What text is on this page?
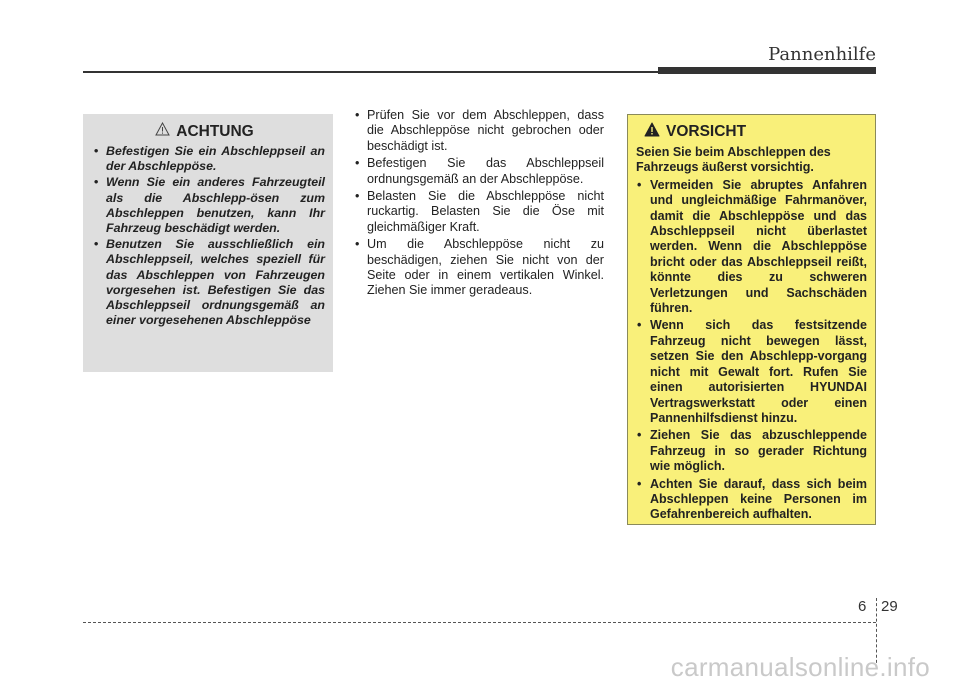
Pannenhilfe
ACHTUNG
• Befestigen Sie ein Abschleppseil an der Abschleppöse.
• Wenn Sie ein anderes Fahrzeugteil als die Abschlepp-ösen zum Abschleppen benutzen, kann Ihr Fahrzeug beschädigt werden.
• Benutzen Sie ausschließlich ein Abschleppseil, welches speziell für das Abschleppen von Fahrzeugen vorgesehen ist. Befestigen Sie das Abschleppseil ordnungsgemäß an einer vorgesehenen Abschleppöse
• Prüfen Sie vor dem Abschleppen, dass die Abschleppöse nicht gebrochen oder beschädigt ist.
• Befestigen Sie das Abschleppseil ordnungsgemäß an der Abschleppöse.
• Belasten Sie die Abschleppöse nicht ruckartig. Belasten Sie die Öse mit gleichmäßiger Kraft.
• Um die Abschleppöse nicht zu beschädigen, ziehen Sie nicht von der Seite oder in einem vertikalen Winkel. Ziehen Sie immer geradeaus.
VORSICHT

Seien Sie beim Abschleppen des Fahrzeugs äußerst vorsichtig.

• Vermeiden Sie abruptes Anfahren und ungleichmäßige Fahrmanöver, damit die Abschleppöse und das Abschleppseil nicht überlastet werden. Wenn die Abschleppöse bricht oder das Abschleppseil reißt, könnte dies zu schweren Verletzungen und Sachschäden führen.
• Wenn sich das festsitzende Fahrzeug nicht bewegen lässt, setzen Sie den Abschlepp-vorgang nicht mit Gewalt fort. Rufen Sie einen autorisierten HYUNDAI Vertragswerkstatt oder einen Pannenhilfsdienst hinzu.
• Ziehen Sie das abzuschleppende Fahrzeug in so gerader Richtung wie möglich.
• Achten Sie darauf, dass sich beim Abschleppen keine Personen im Gefahrenbereich aufhalten.
6 29
carmanualsonline.info
